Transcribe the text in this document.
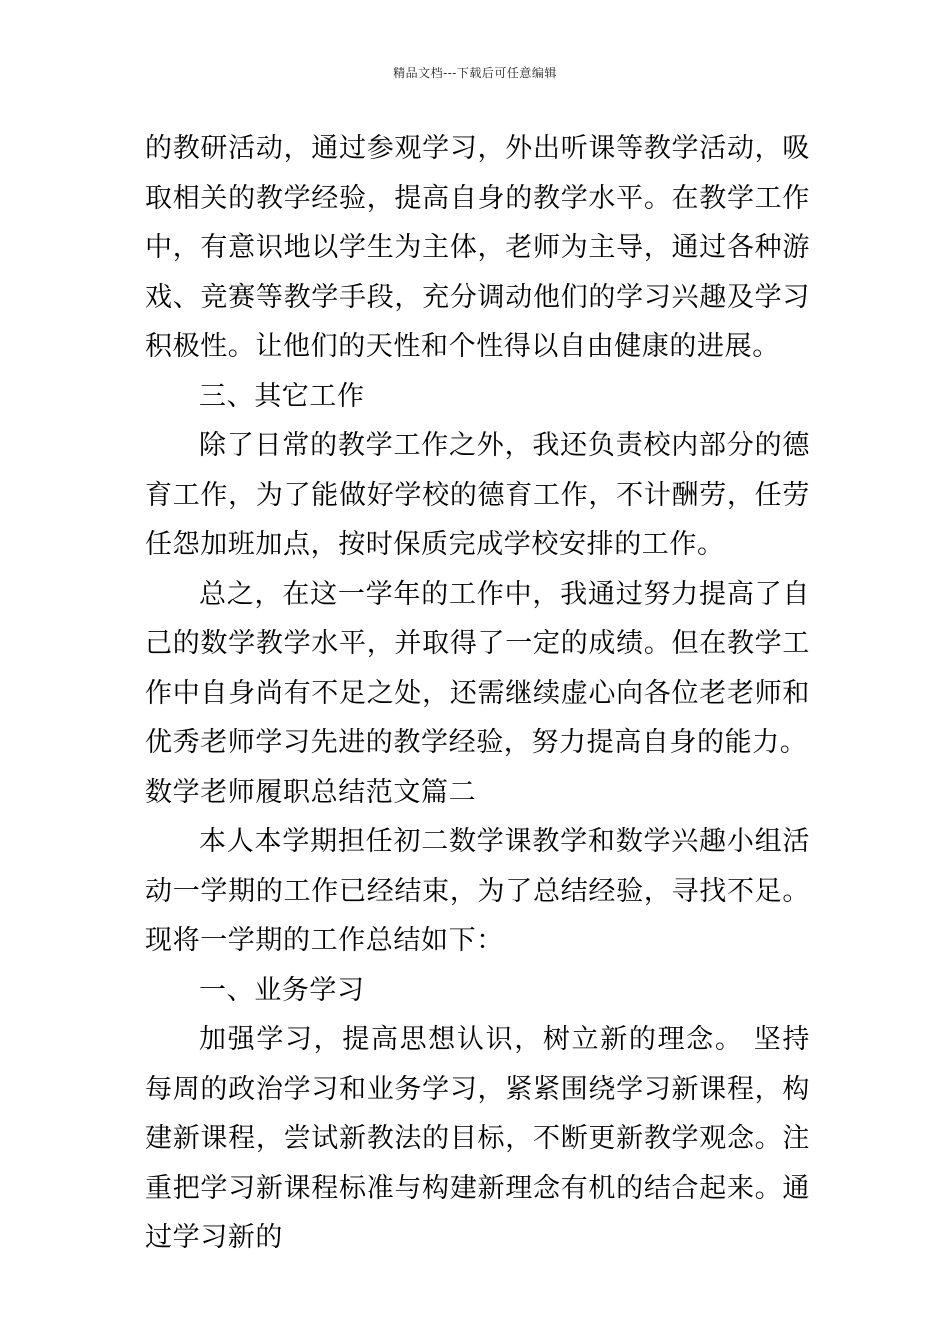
精品文档---下载后可任意编辑

的教研活动，通过参观学习，外出听课等教学活动，吸取相关的教学经验，提高自身的教学水平。在教学工作中，有意识地以学生为主体，老师为主导，通过各种游戏、竞赛等教学手段，充分调动他们的学习兴趣及学习积极性。让他们的天性和个性得以自由健康的进展。

三、其它工作

除了日常的教学工作之外，我还负责校内部分的德育工作，为了能做好学校的德育工作，不计酬劳，任劳任怨加班加点，按时保质完成学校安排的工作。

总之，在这一学年的工作中，我通过努力提高了自己的数学教学水平，并取得了一定的成绩。但在教学工作中自身尚有不足之处，还需继续虚心向各位老老师和优秀老师学习先进的教学经验，努力提高自身的能力。

数学老师履职总结范文篇二

本人本学期担任初二数学课教学和数学兴趣小组活动一学期的工作已经结束，为了总结经验，寻找不足。现将一学期的工作总结如下：

一、业务学习

加强学习，提高思想认识，树立新的理念。 坚持每周的政治学习和业务学习，紧紧围绕学习新课程，构建新课程，尝试新教法的目标，不断更新教学观念。注重把学习新课程标准与构建新理念有机的结合起来。通过学习新的
